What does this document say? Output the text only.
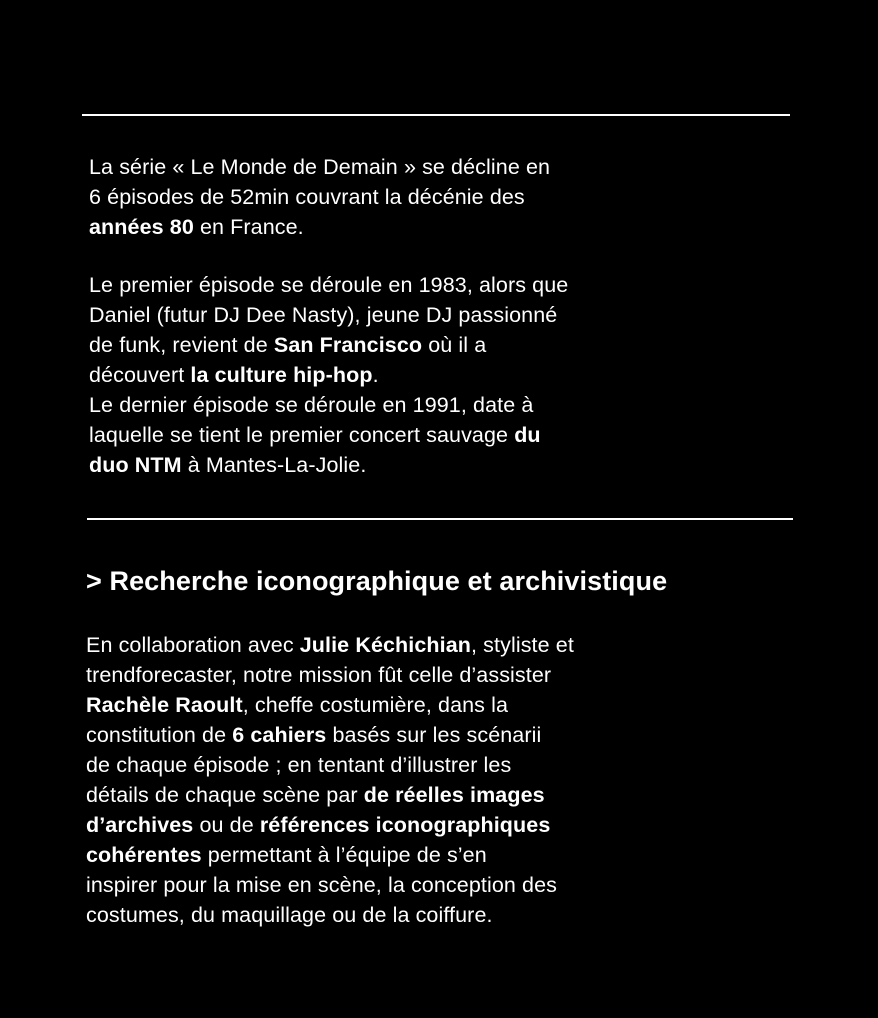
La série « Le Monde de Demain » se décline en
6 épisodes de 52min couvrant la décénie des
années 80 en France.
Le premier épisode se déroule en 1983, alors que
Daniel (futur DJ Dee Nasty), jeune DJ passionné
de funk, revient de San Francisco où il a
découvert la culture hip-hop.
Le dernier épisode se déroule en 1991, date à
laquelle se tient le premier concert sauvage du
duo NTM à Mantes-La-Jolie.
> Recherche iconographique et archivistique
En collaboration avec Julie Kéchichian, styliste et
trendforecaster, notre mission fût celle d’assister
Rachèle Raoult, cheffe costumière, dans la
constitution de 6 cahiers basés sur les scénarii
de chaque épisode ; en tentant d’illustrer les
détails de chaque scène par de réelles images
d’archives ou de références iconographiques
cohérentes permettant à l’équipe de s’en
inspirer pour la mise en scène, la conception des
costumes, du maquillage ou de la coiffure.
